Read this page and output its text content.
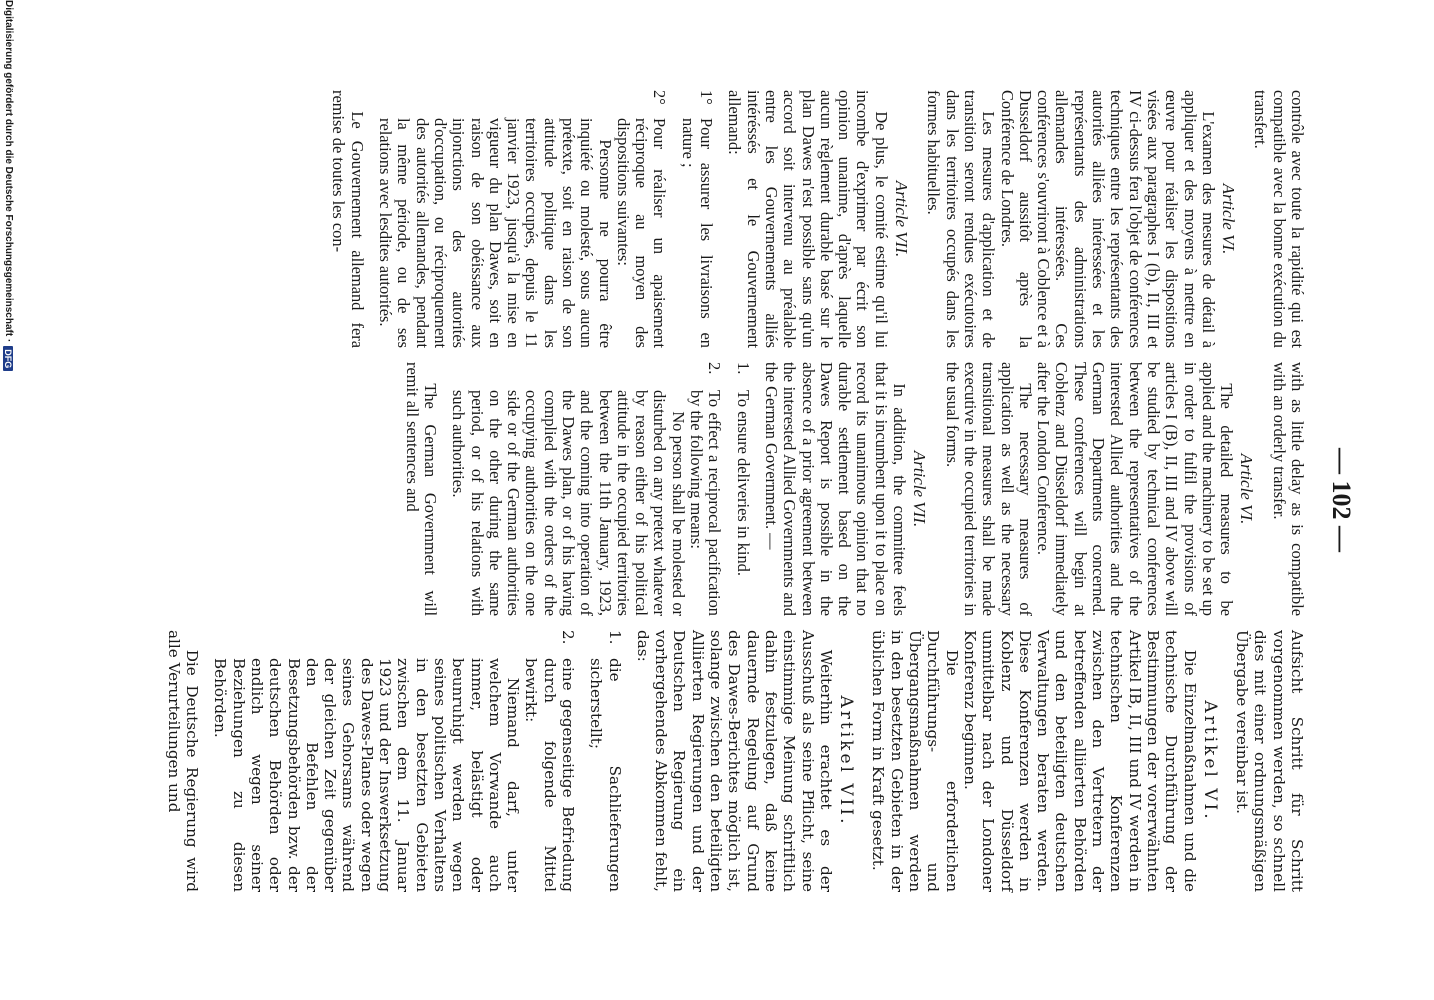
— 102 —

contrôle avec toute la rapidité qui est compatible avec la bonne exécution du transfert.

Article VI.

L'examen des mesures de détail à appliquer et des moyens à mettre en œuvre pour réaliser les dispositions visées aux paragraphes I (b), II, III et IV ci-dessus fera l'objet de conférences techniques entre les représentants des autorités alliées intéressées et les représentants des administrations allemandes intéressées. Ces conférences s'ouvriront à Coblence et à Dusseldorf aussitôt après la Conférence de Londres.

Les mesures d'application et de transition seront rendues exécutoires dans les territoires occupés dans les formes habituelles.

Article VII.

De plus, le comité estime qu'il lui incombe d'exprimer par écrit son opinion unanime, d'après laquelle aucun règlement durable basé sur le plan Dawes n'est possible sans qu'un accord soit intervenu au préalable entre les Gouvernements alliés intéréssés et le Gouvernement allemand:

1°
Pour assurer les livraisons en nature ;
2°
Pour réaliser un apaisement réciproque au moyen des dispositions suivantes:

Personne ne pourra être inquiété ou molesté, sous aucun prétexte, soit en raison de son attitude politique dans les territoires occupés, depuis le 11 janvier 1923, jusqu'à la mise en vigueur du plan Dawes, soit en raison de son obéissance aux injonctions des autorités d'occupation, ou réciproquement des autorités allemandes, pendant la même période, ou de ses relations avec lesdites autorités.

Le Gouvernement allemand fera remise de toutes les con-

with as little delay as is compatible with an orderly transfer.

Article VI.

The detailed measures to be applied and the machinery to be set up in order to fulfil the provisions of articles I (B), II, III and IV above will be studied by technical conferences between the representatives of the interested Allied authorities and the German Departments concerned. These conferences will begin at Coblenz and Düsseldorf immediately after the London Conference.

The necessary measures of application as well as the necessary transitional measures shall be made executive in the occupied territories in the usual forms.

Article VII.

In addition, the committee feels that it is incumbent upon it to place on record its unanimous opinion that no durable settlement based on the Dawes Report is possible in the absence of a prior agreement between the interested Allied Governments and the German Government. —

1.
To ensure deliveries in kind.
2.
To effect a reciprocal pacification by the following means:

No person shall be molested or disturbed on any pretext whatever by reason either of his political attitude in the occupied territories between the 11th January, 1923, and the coming into operation of the Dawes plan, or of his having complied with the orders of the occupying authorities on the one side or of the German authorities on the other during the same period, or of his relations with such authorities.

The German Government will remit all sentences and

Aufsicht Schritt für Schritt vorgenommen werden, so schnell dies mit einer ordnungsmäßigen Übergabe vereinbar ist.

Artikel VI.

Die Einzelmaßnahmen und die technische Durchführung der Bestimmungen der vorerwähnten Artikel IB, II, III und IV werden in technischen Konferenzen zwischen den Vertretern der betreffenden alliierten Behörden und den beteiligten deutschen Verwaltungen beraten werden. Diese Konferenzen werden in Koblenz und Düsseldorf unmittelbar nach der Londoner Konferenz beginnen.

Die erforderlichen Durchführungs- und Übergangsmaßnahmen werden in den besetzten Gebieten in der üblichen Form in Kraft gesetzt.

Artikel VII.

Weiterhin erachtet es der Ausschuß als seine Pflicht, seine einstimmige Meinung schriftlich dahin festzulegen, daß keine dauernde Regelung auf Grund des Dawes-Berichtes möglich ist, solange zwischen den beteiligten Alliierten Regierungen und der Deutschen Regierung ein vorhergehendes Abkommen fehlt, das:

1.
die Sachlieferungen sicherstellt;
2.
eine gegenseitige Befriedung durch folgende Mittel bewirkt:

Niemand darf, unter welchem Vorwande auch immer, belästigt oder beunruhigt werden wegen seines politischen Verhaltens in den besetzten Gebieten zwischen dem 11. Januar 1923 und der Inswerksetzung des Dawes-Planes oder wegen seines Gehorsams während der gleichen Zeit gegenüber den Befehlen der Besetzungsbehörden bzw. der deutschen Behörden oder endlich wegen seiner Beziehungen zu diesen Behörden.

Die Deutsche Regierung wird alle Verurteilungen und

Digitalisierung gefördert durch die Deutsche Forschungsgemeinschaft ·
DFG
